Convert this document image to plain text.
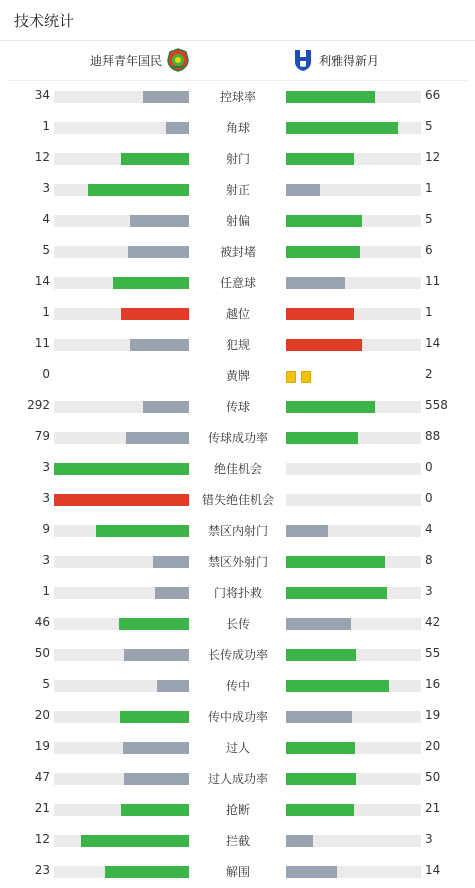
技术统计
迪拜青年国民	利雅得新月
34	控球率	66
1	角球	5
12	射门	12
3	射正	1
4	射偏	5
5	被封堵	6
14	任意球	11
1	越位	1
11	犯规	14
0	黄牌	2
292	传球	558
79	传球成功率	88
3	绝佳机会	0
3	错失绝佳机会	0
9	禁区内射门	4
3	禁区外射门	8
1	门将扑救	3
46	长传	42
50	长传成功率	55
5	传中	16
20	传中成功率	19
19	过人	20
47	过人成功率	50
21	抢断	21
12	拦截	3
23	解围	14
